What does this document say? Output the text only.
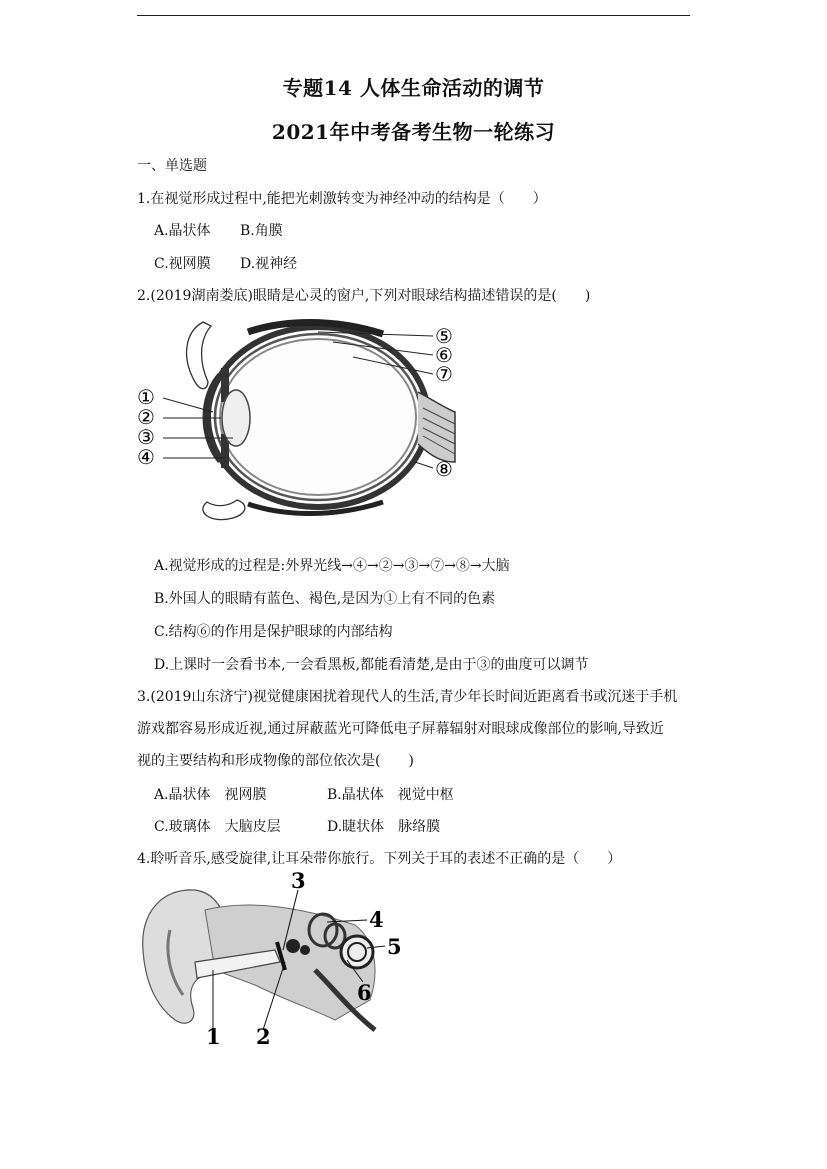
专题14 人体生命活动的调节
2021年中考备考生物一轮练习
一、单选题
1.在视觉形成过程中,能把光刺激转变为神经冲动的结构是（　　）
A.晶状体 B.角膜
C.视网膜 D.视神经
2.(2019湖南娄底)眼睛是心灵的窗户,下列对眼球结构描述错误的是(　　)
①
②
③
④
⑤
⑥
⑦
⑧
A.视觉形成的过程是:外界光线→④→②→③→⑦→⑧→大脑
B.外国人的眼睛有蓝色、褐色,是因为①上有不同的色素
C.结构⑥的作用是保护眼球的内部结构
D.上课时一会看书本,一会看黑板,都能看清楚,是由于③的曲度可以调节
3.(2019山东济宁)视觉健康困扰着现代人的生活,青少年长时间近距离看书或沉迷于手机
游戏都容易形成近视,通过屏蔽蓝光可降低电子屏幕辐射对眼球成像部位的影响,导致近
视的主要结构和形成物像的部位依次是(　　)
A.晶状体　视网膜	B.晶状体　视觉中枢
C.玻璃体　大脑皮层	D.睫状体　脉络膜
4.聆听音乐,感受旋律,让耳朵带你旅行。下列关于耳的表述不正确的是（　　）
1 2
3
4
5
6
